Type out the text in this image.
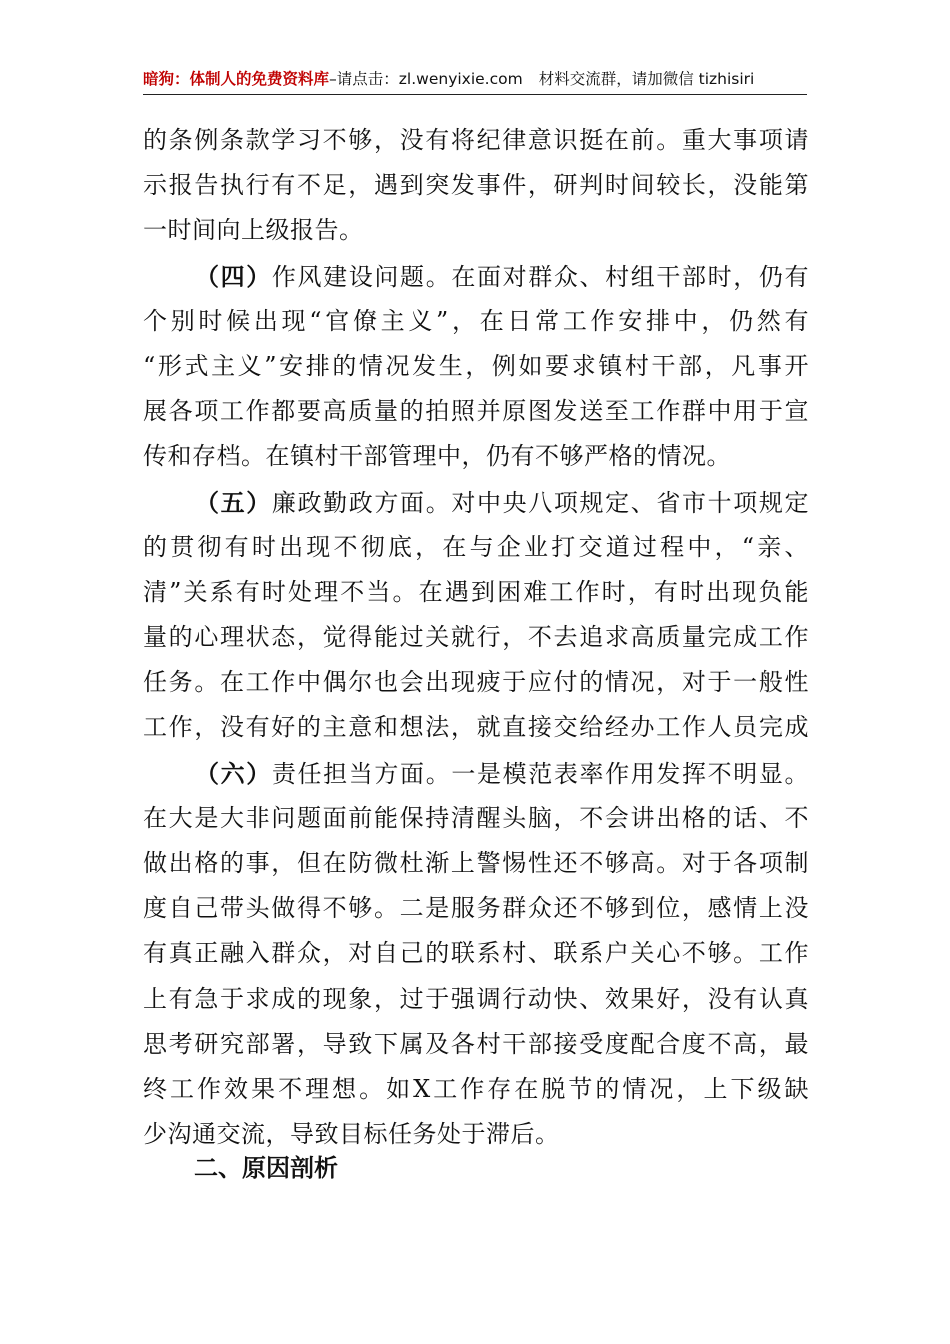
暗狗：体制人的免费资料库 –请点击： zl.wenyixie.com 材料交流群，请加微信 tizhisiri
的条例条款学习不够，没有将纪律意识挺在前。重大事项请
示报告执行有不足，遇到突发事件，研判时间较长，没能第
一时间向上级报告。
（四）作风建设问题。在面对群众、村组干部时，仍有
个别时候出现“官僚主义”，在日常工作安排中，仍然有
“形式主义”安排的情况发生，例如要求镇村干部，凡事开
展各项工作都要高质量的拍照并原图发送至工作群中用于宣
传和存档。在镇村干部管理中，仍有不够严格的情况。
（五）廉政勤政方面。对中央八项规定、省市十项规定
的贯彻有时出现不彻底，在与企业打交道过程中，“亲、
清”关系有时处理不当。在遇到困难工作时，有时出现负能
量的心理状态，觉得能过关就行，不去追求高质量完成工作
任务。在工作中偶尔也会出现疲于应付的情况，对于一般性
工作，没有好的主意和想法，就直接交给经办工作人员完成
（六）责任担当方面。一是模范表率作用发挥不明显。
在大是大非问题面前能保持清醒头脑，不会讲出格的话、不
做出格的事，但在防微杜渐上警惕性还不够高。对于各项制
度自己带头做得不够。二是服务群众还不够到位，感情上没
有真正融入群众，对自己的联系村、联系户关心不够。工作
上有急于求成的现象，过于强调行动快、效果好，没有认真
思考研究部署，导致下属及各村干部接受度配合度不高，最
终工作效果不理想。如X工作存在脱节的情况，上下级缺
少沟通交流，导致目标任务处于滞后。
二、原因剖析
